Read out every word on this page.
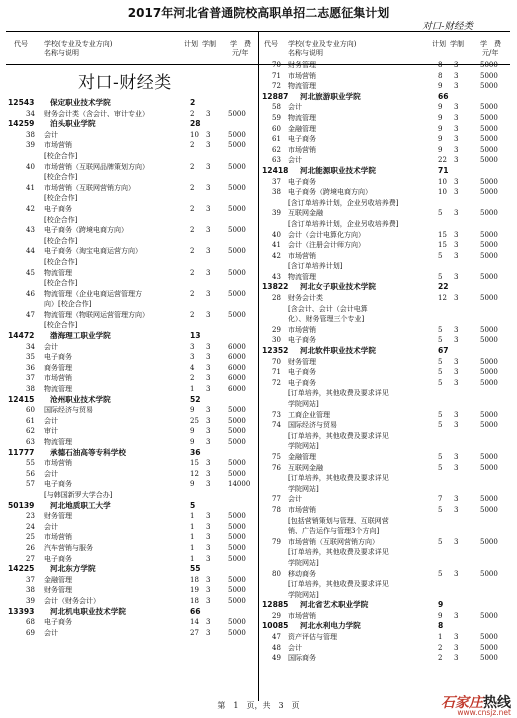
2017年河北省普通院校高职单招二志愿征集计划
对口-财经类
代号 学校(专业及专业方向)
名称与说明
计划 学制 学　费
元/年
代号 学校(专业及专业方向)
名称与说明
计划 学制 学　费
元/年
对口-财经类
12543 保定职业技术学院	2
34 财务会计类（含会计、审计专业）	2 3	5000
14259 泊头职业学院	28
38 会计	10 3	5000
39 市场营销	2 3	5000
[校企合作]
40 市场营销（互联网品牌策划方向）	2 3	5000
[校企合作]
41 市场营销（互联网营销方向）	2 3	5000
[校企合作]
42 电子商务	2 3	5000
[校企合作]
43 电子商务（跨境电商方向）	2 3	5000
[校企合作]
44 电子商务（淘宝电商运营方向）	2 3	5000
[校企合作]
45 物流管理	2 3	5000
[校企合作]
46 物流管理（企业电商运营管理方	2 3	5000
向）[校企合作]
47 物流管理（物联网运营管理方向）	2 3	5000
[校企合作]
14472 渤海理工职业学院	13
34 会计	3 3	6000
35 电子商务	3 3	6000
36 商务管理	4 3	6000
37 市场营销	2 3	6000
38 物流管理	1 3	6000
12415 沧州职业技术学院	52
60 国际经济与贸易	9 3	5000
61 会计	25 3	5000
62 审计	9 3	5000
63 物流管理	9 3	5000
11777 承德石油高等专科学校	36
55 市场营销	15 3	5000
56 会计	12 3	5000
57 电子商务	9 3	14000
[与韩国新罗大学合办]
50139 河北地质职工大学	5
23 财务管理	1 3	5000
24 会计	1 3	5000
25 市场营销	1 3	5000
26 汽车营销与服务	1 3	5000
27 电子商务	1 3	5000
14225 河北东方学院	55
37 金融管理	18 3	5000
38 财务管理	19 3	5000
39 会计（财务会计）	18 3	5000
13393 河北机电职业技术学院	66
68 电子商务	14 3	5000
69 会计	27 3	5000
70 财务管理	8 3	5000
71 市场营销	8 3	5000
72 物流管理	9 3	5000
12887 河北旅游职业学院	66
58 会计	9 3	5000
59 物流管理	9 3	5000
60 金融管理	9 3	5000
61 电子商务	9 3	5000
62 市场营销	9 3	5000
63 会计	22 3	5000
12418 河北能源职业技术学院	71
37 电子商务	10 3	5000
38 电子商务（跨境电商方向）	10 3	5000
[含订单培养计划，企业另收培养费]
39 互联网金融	5 3	5000
[含订单培养计划，企业另收培养费]
40 会计（会计电算化方向）	15 3	5000
41 会计（注册会计师方向）	15 3	5000
42 市场营销	5 3	5000
[含订单培养计划]
43 物流管理	5 3	5000
13822 河北女子职业技术学院	22
28 财务会计类	12 3	5000
[含会计、会计（会计电算
化）、财务管理三个专业]
29 市场营销	5 3	5000
30 电子商务	5 3	5000
12352 河北软件职业技术学院	67
70 财务管理	5 3	5000
71 电子商务	5 3	5000
72 电子商务	5 3	5000
[订单培养，其他收费及要求详见
学院网站]
73 工商企业管理	5 3	5000
74 国际经济与贸易	5 3	5000
[订单培养，其他收费及要求详见
学院网站]
75 金融管理	5 3	5000
76 互联网金融	5 3	5000
[订单培养，其他收费及要求详见
学院网站]
77 会计	7 3	5000
78 市场营销	5 3	5000
[包括营销策划与管理、互联网营
销、广告运作与管理3个方向]
79 市场营销（互联网营销方向）	5 3	5000
[订单培养，其他收费及要求详见
学院网站]
80 移动商务	5 3	5000
[订单培养，其他收费及要求详见
学院网站]
12885 河北省艺术职业学院	9
29 市场营销	9 3	5000
10085 河北水利电力学院	8
47 资产评估与管理	1 3	5000
48 会计	2 3	5000
49 国际商务	2 3	5000
第　1　页，共　3　页	石家庄热线
www.cnsjz.net
